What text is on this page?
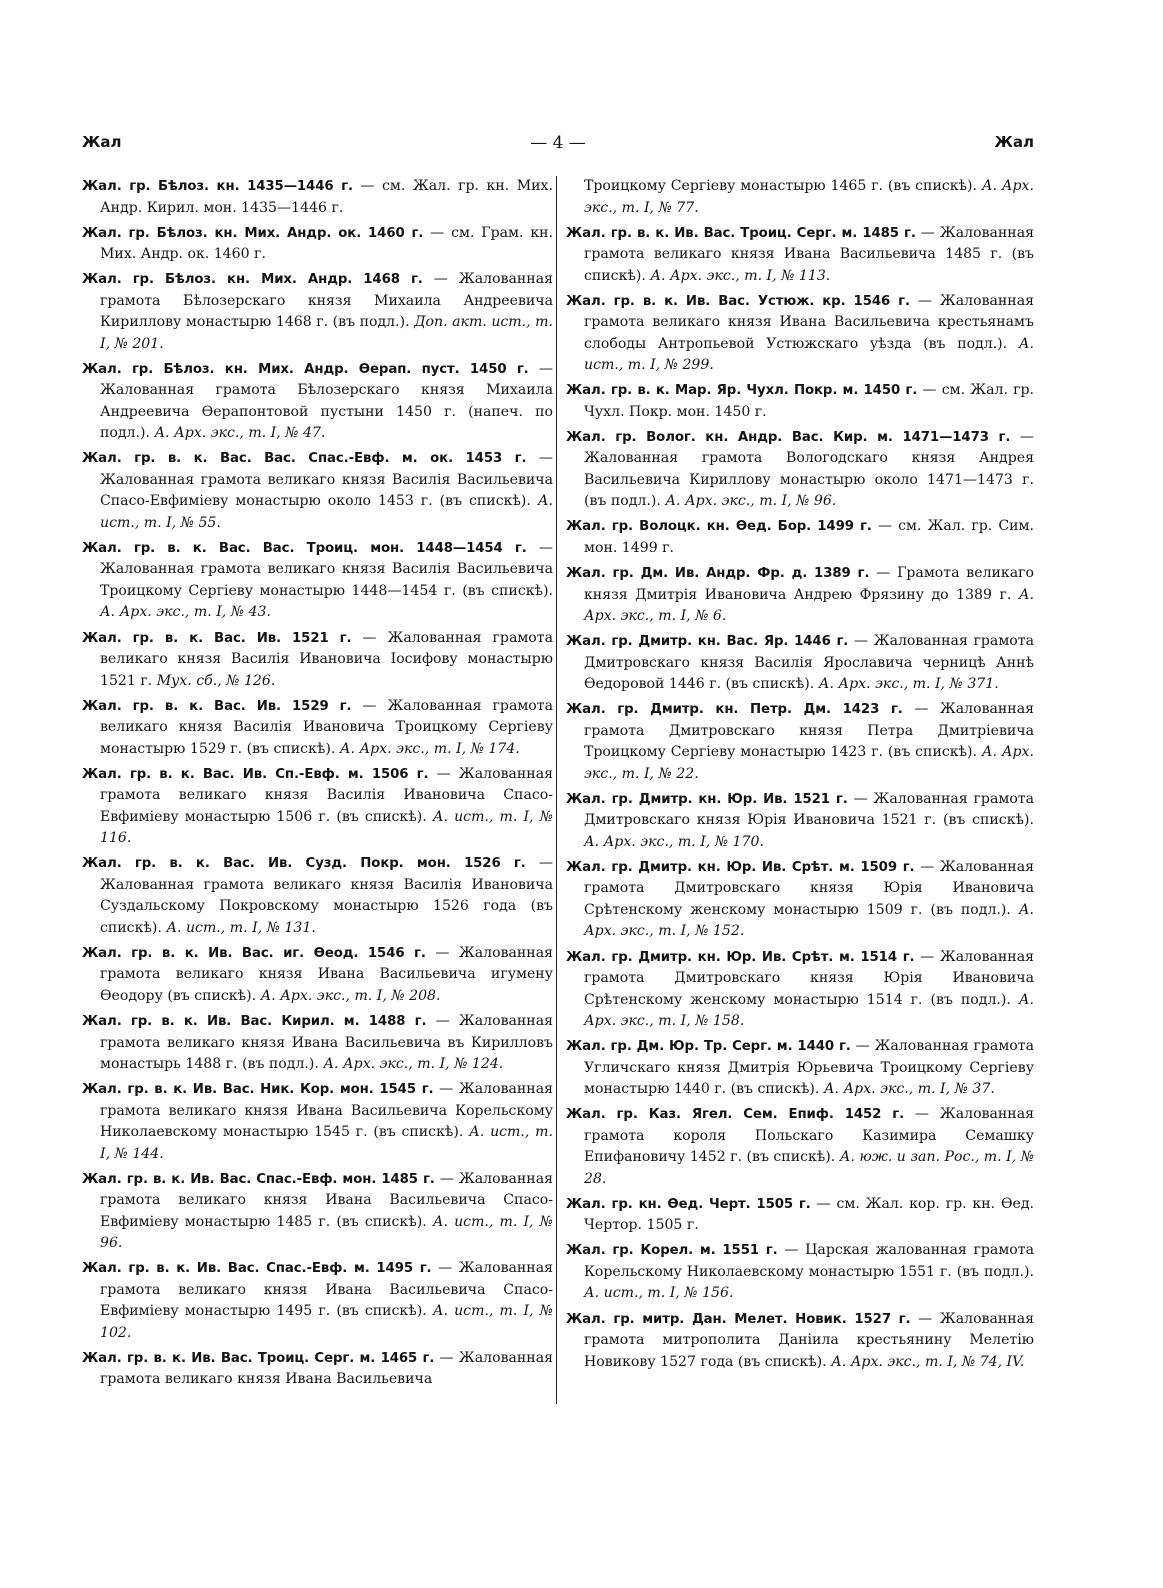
Жал	— 4 —	Жал

Жал. гр. Бѣлоз. кн. 1435—1446 г. — см. Жал. гр. кн. Мих. Андр. Кирил. мон. 1435—1446 г.

Жал. гр. Бѣлоз. кн. Мих. Андр. ок. 1460 г. — см. Грам. кн. Мих. Андр. ок. 1460 г.

Жал. гр. Бѣлоз. кн. Мих. Андр. 1468 г. — Жалованная грамота Бѣлозерскаго князя Михаила Андреевича Кириллову монастырю 1468 г. (въ подл.). Доп. акт. ист., т. I, № 201.

Жал. гр. Бѣлоз. кн. Мих. Андр. Ѳерап. пуст. 1450 г. — Жалованная грамота Бѣлозерскаго князя Михаила Андреевича Ѳерапонтовой пустыни 1450 г. (напеч. по подл.). А. Арх. экс., т. I, № 47.

Жал. гр. в. к. Вас. Вас. Спас.-Евф. м. ок. 1453 г. — Жалованная грамота великаго князя Василія Васильевича Спасо-Евфиміеву монастырю около 1453 г. (въ спискѣ). А. ист., т. I, № 55.

Жал. гр. в. к. Вас. Вас. Троиц. мон. 1448—1454 г. — Жалованная грамота великаго князя Василія Васильевича Троицкому Сергіеву монастырю 1448—1454 г. (въ спискѣ). А. Арх. экс., т. I, № 43.

Жал. гр. в. к. Вас. Ив. 1521 г. — Жалованная грамота великаго князя Василія Ивановича Іосифову монастырю 1521 г. Мух. сб., № 126.

Жал. гр. в. к. Вас. Ив. 1529 г. — Жалованная грамота великаго князя Василія Ивановича Троицкому Сергіеву монастырю 1529 г. (въ спискѣ). А. Арх. экс., т. I, № 174.

Жал. гр. в. к. Вас. Ив. Сп.-Евф. м. 1506 г. — Жалованная грамота великаго князя Василія Ивановича Спасо-Евфиміеву монастырю 1506 г. (въ спискѣ). А. ист., т. I, № 116.

Жал. гр. в. к. Вас. Ив. Сузд. Покр. мон. 1526 г. — Жалованная грамота великаго князя Василія Ивановича Суздальскому Покровскому монастырю 1526 года (въ спискѣ). А. ист., т. I, № 131.

Жал. гр. в. к. Ив. Вас. иг. Ѳеод. 1546 г. — Жалованная грамота великаго князя Ивана Васильевича игумену Ѳеодору (въ спискѣ). А. Арх. экс., т. I, № 208.

Жал. гр. в. к. Ив. Вас. Кирил. м. 1488 г. — Жалованная грамота великаго князя Ивана Васильевича въ Кирилловъ монастырь 1488 г. (въ подл.). А. Арх. экс., т. I, № 124.

Жал. гр. в. к. Ив. Вас. Ник. Кор. мон. 1545 г. — Жалованная грамота великаго князя Ивана Васильевича Корельскому Николаевскому монастырю 1545 г. (въ спискѣ). А. ист., т. I, № 144.

Жал. гр. в. к. Ив. Вас. Спас.-Евф. мон. 1485 г. — Жалованная грамота великаго князя Ивана Васильевича Спасо-Евфиміеву монастырю 1485 г. (въ спискѣ). А. ист., т. I, № 96.

Жал. гр. в. к. Ив. Вас. Спас.-Евф. м. 1495 г. — Жалованная грамота великаго князя Ивана Васильевича Спасо-Евфиміеву монастырю 1495 г. (въ спискѣ). А. ист., т. I, № 102.

Жал. гр. в. к. Ив. Вас. Троиц. Серг. м. 1465 г. — Жалованная грамота великаго князя Ивана Васильевича

Троицкому Сергіеву монастырю 1465 г. (въ спискѣ). А. Арх. экс., т. I, № 77.

Жал. гр. в. к. Ив. Вас. Троиц. Серг. м. 1485 г. — Жалованная грамота великаго князя Ивана Васильевича 1485 г. (въ спискѣ). А. Арх. экс., т. I, № 113.

Жал. гр. в. к. Ив. Вас. Устюж. кр. 1546 г. — Жалованная грамота великаго князя Ивана Васильевича крестьянамъ слободы Антропьевой Устюжскаго уѣзда (въ подл.). А. ист., т. I, № 299.

Жал. гр. в. к. Мар. Яр. Чухл. Покр. м. 1450 г. — см. Жал. гр. Чухл. Покр. мон. 1450 г.

Жал. гр. Волог. кн. Андр. Вас. Кир. м. 1471—1473 г. — Жалованная грамота Вологодскаго князя Андрея Васильевича Кириллову монастырю около 1471—1473 г. (въ подл.). А. Арх. экс., т. I, № 96.

Жал. гр. Волоцк. кн. Ѳед. Бор. 1499 г. — см. Жал. гр. Сим. мон. 1499 г.

Жал. гр. Дм. Ив. Андр. Фр. д. 1389 г. — Грамота великаго князя Дмитрія Ивановича Андрею Фрязину до 1389 г. А. Арх. экс., т. I, № 6.

Жал. гр. Дмитр. кн. Вас. Яр. 1446 г. — Жалованная грамота Дмитровскаго князя Василія Ярославича черницѣ Аннѣ Ѳедоровой 1446 г. (въ спискѣ). А. Арх. экс., т. I, № 371.

Жал. гр. Дмитр. кн. Петр. Дм. 1423 г. — Жалованная грамота Дмитровскаго князя Петра Дмитріевича Троицкому Сергіеву монастырю 1423 г. (въ спискѣ). А. Арх. экс., т. I, № 22.

Жал. гр. Дмитр. кн. Юр. Ив. 1521 г. — Жалованная грамота Дмитровскаго князя Юрія Ивановича 1521 г. (въ спискѣ). А. Арх. экс., т. I, № 170.

Жал. гр. Дмитр. кн. Юр. Ив. Срѣт. м. 1509 г. — Жалованная грамота Дмитровскаго князя Юрія Ивановича Срѣтенскому женскому монастырю 1509 г. (въ подл.). А. Арх. экс., т. I, № 152.

Жал. гр. Дмитр. кн. Юр. Ив. Срѣт. м. 1514 г. — Жалованная грамота Дмитровскаго князя Юрія Ивановича Срѣтенскому женскому монастырю 1514 г. (въ подл.). А. Арх. экс., т. I, № 158.

Жал. гр. Дм. Юр. Тр. Серг. м. 1440 г. — Жалованная грамота Угличскаго князя Дмитрія Юрьевича Троицкому Сергіеву монастырю 1440 г. (въ спискѣ). А. Арх. экс., т. I, № 37.

Жал. гр. Каз. Ягел. Сем. Епиф. 1452 г. — Жалованная грамота короля Польскаго Казимира Семашку Епифановичу 1452 г. (въ спискѣ). А. юж. и зап. Рос., т. I, № 28.

Жал. гр. кн. Ѳед. Черт. 1505 г. — см. Жал. кор. гр. кн. Ѳед. Чертор. 1505 г.

Жал. гр. Корел. м. 1551 г. — Царская жалованная грамота Корельскому Николаевскому монастырю 1551 г. (въ подл.). А. ист., т. I, № 156.

Жал. гр. митр. Дан. Мелет. Новик. 1527 г. — Жалованная грамота митрополита Даніила крестьянину Мелетію Новикову 1527 года (въ спискѣ). А. Арх. экс., т. I, № 74, IV.
